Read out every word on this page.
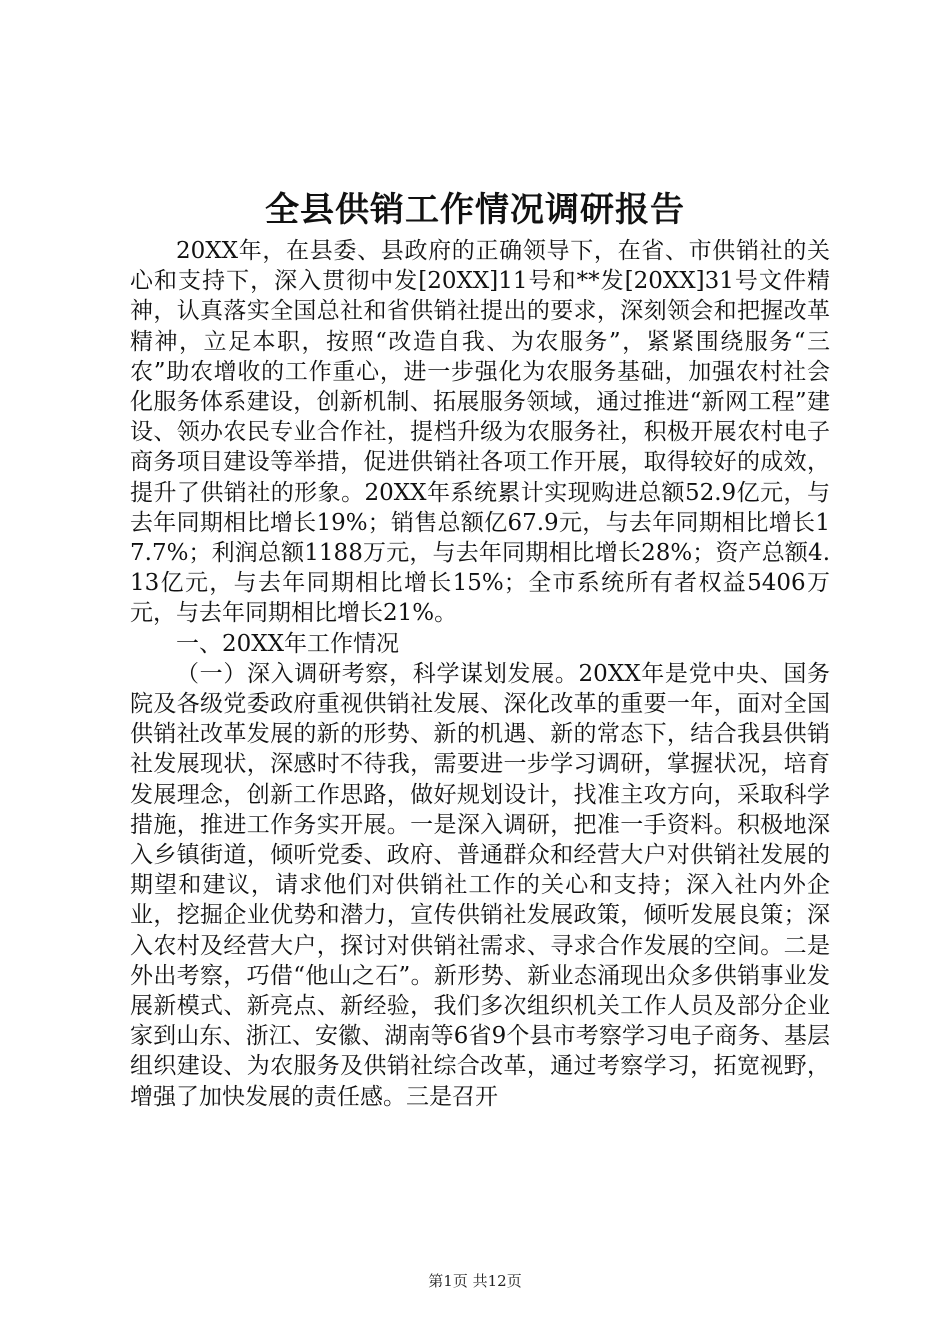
全县供销工作情况调研报告

20XX年，在县委、县政府的正确领导下，在省、市供销社的关心和支持下，深入贯彻中发[20XX]11号和**发[20XX]31号文件精神，认真落实全国总社和省供销社提出的要求，深刻领会和把握改革精神，立足本职，按照“改造自我、为农服务”，紧紧围绕服务“三农”助农增收的工作重心，进一步强化为农服务基础，加强农村社会化服务体系建设，创新机制、拓展服务领域，通过推进“新网工程”建设、领办农民专业合作社，提档升级为农服务社，积极开展农村电子商务项目建设等举措，促进供销社各项工作开展，取得较好的成效，提升了供销社的形象。20XX年系统累计实现购进总额52.9亿元，与去年同期相比增长19%；销售总额亿67.9元，与去年同期相比增长17.7%；利润总额1188万元，与去年同期相比增长28%；资产总额4.13亿元，与去年同期相比增长15%；全市系统所有者权益5406万元，与去年同期相比增长21%。

一、20XX年工作情况

（一）深入调研考察，科学谋划发展。20XX年是党中央、国务院及各级党委政府重视供销社发展、深化改革的重要一年，面对全国供销社改革发展的新的形势、新的机遇、新的常态下，结合我县供销社发展现状，深感时不待我，需要进一步学习调研，掌握状况，培育发展理念，创新工作思路，做好规划设计，找准主攻方向，采取科学措施，推进工作务实开展。一是深入调研，把准一手资料。积极地深入乡镇街道，倾听党委、政府、普通群众和经营大户对供销社发展的期望和建议，请求他们对供销社工作的关心和支持；深入社内外企业，挖掘企业优势和潜力，宣传供销社发展政策，倾听发展良策；深入农村及经营大户，探讨对供销社需求、寻求合作发展的空间。二是外出考察，巧借“他山之石”。新形势、新业态涌现出众多供销事业发展新模式、新亮点、新经验，我们多次组织机关工作人员及部分企业家到山东、浙江、安徽、湖南等6省9个县市考察学习电子商务、基层组织建设、为农服务及供销社综合改革，通过考察学习，拓宽视野，增强了加快发展的责任感。三是召开

第1页 共12页
